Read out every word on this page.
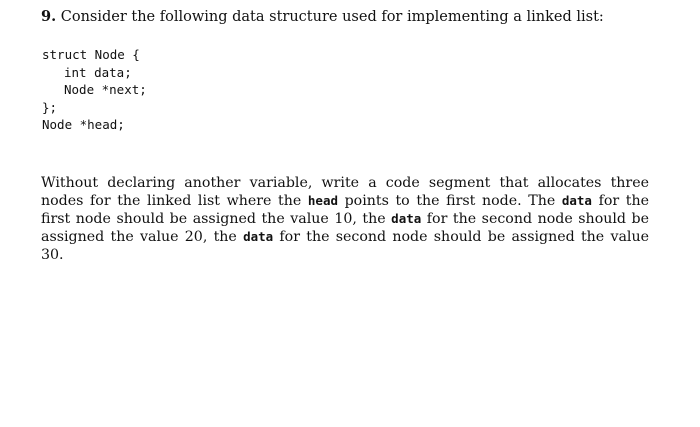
9. Consider the following data structure used for implementing a linked list:
struct Node {
int data;
Node *next;
};
Node *head;

Without declaring another variable, write a code segment that allocates three nodes for the linked list where the head points to the first node. The data for the first node should be assigned the value 10, the data for the second node should be assigned the value 20, the data for the second node should be assigned the value 30.
